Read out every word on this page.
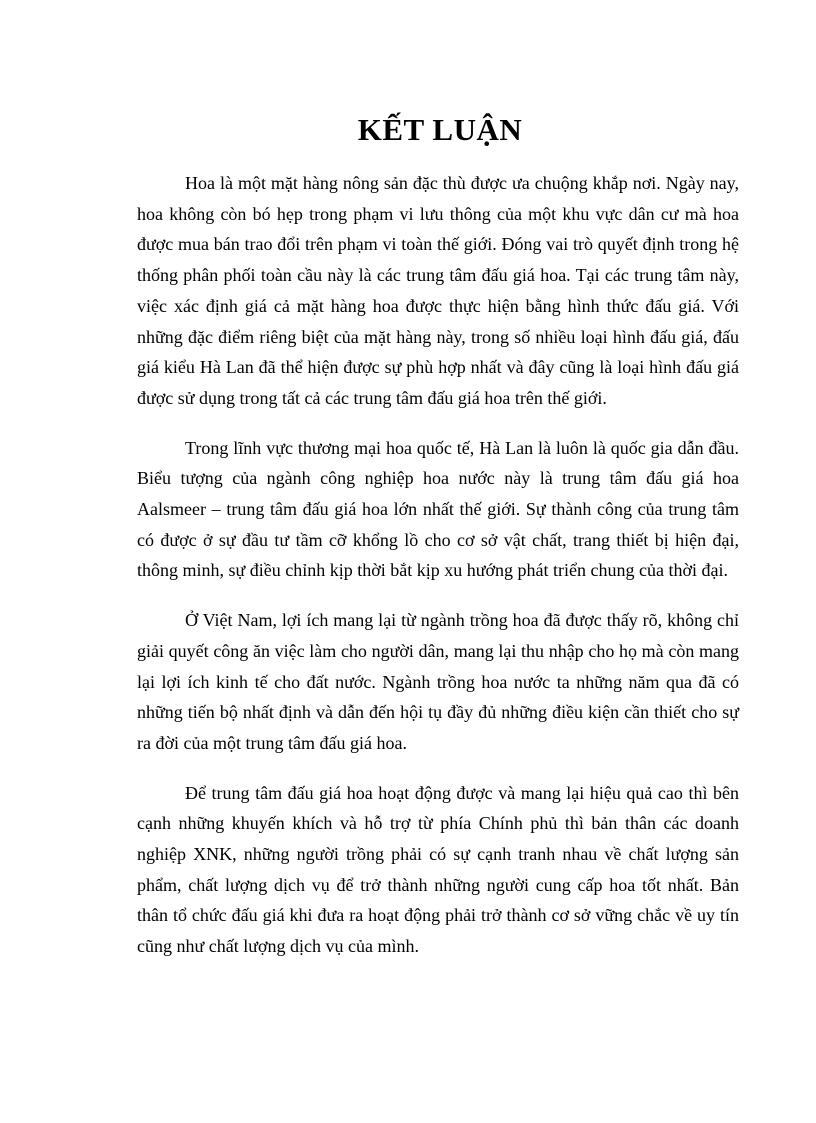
KẾT LUẬN

Hoa là một mặt hàng nông sản đặc thù được ưa chuộng khắp nơi. Ngày nay, hoa không còn bó hẹp trong phạm vi lưu thông của một khu vực dân cư mà hoa được mua bán trao đổi trên phạm vi toàn thế giới. Đóng vai trò quyết định trong hệ thống phân phối toàn cầu này là các trung tâm đấu giá hoa. Tại các trung tâm này, việc xác định giá cả mặt hàng hoa được thực hiện bằng hình thức đấu giá. Với những đặc điểm riêng biệt của mặt hàng này, trong số nhiều loại hình đấu giá, đấu giá kiểu Hà Lan đã thể hiện được sự phù hợp nhất và đây cũng là loại hình đấu giá được sử dụng trong tất cả các trung tâm đấu giá hoa trên thế giới.

Trong lĩnh vực thương mại hoa quốc tế, Hà Lan là luôn là quốc gia dẫn đầu. Biểu tượng của ngành công nghiệp hoa nước này là trung tâm đấu giá hoa Aalsmeer – trung tâm đấu giá hoa lớn nhất thế giới. Sự thành công của trung tâm có được ở sự đầu tư tầm cỡ khổng lồ cho cơ sở vật chất, trang thiết bị hiện đại, thông minh, sự điều chỉnh kịp thời bắt kịp xu hướng phát triển chung của thời đại.

Ở Việt Nam, lợi ích mang lại từ ngành trồng hoa đã được thấy rõ, không chỉ giải quyết công ăn việc làm cho người dân, mang lại thu nhập cho họ mà còn mang lại lợi ích kinh tế cho đất nước. Ngành trồng hoa nước ta những năm qua đã có những tiến bộ nhất định và dẫn đến hội tụ đầy đủ những điều kiện cần thiết cho sự ra đời của một trung tâm đấu giá hoa.

Để trung tâm đấu giá hoa hoạt động được và mang lại hiệu quả cao thì bên cạnh những khuyến khích và hỗ trợ từ phía Chính phủ thì bản thân các doanh nghiệp XNK, những người trồng phải có sự cạnh tranh nhau về chất lượng sản phẩm, chất lượng dịch vụ để trở thành những người cung cấp hoa tốt nhất. Bản thân tổ chức đấu giá khi đưa ra hoạt động phải trở thành cơ sở vững chắc về uy tín cũng như chất lượng dịch vụ của mình.
